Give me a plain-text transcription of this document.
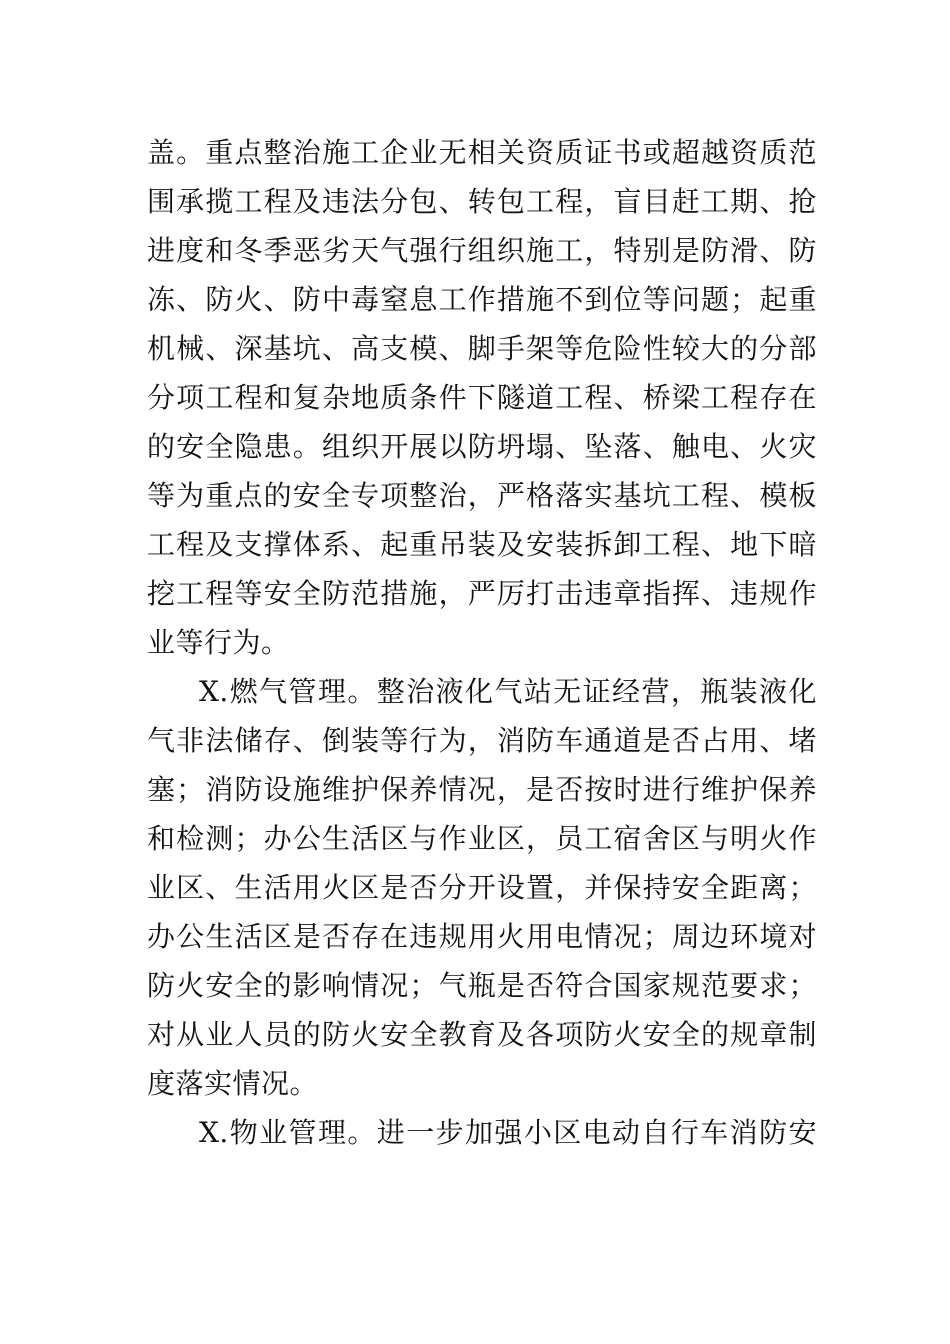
盖。重点整治施工企业无相关资质证书或超越资质范
围承揽工程及违法分包、转包工程，盲目赶工期、抢
进度和冬季恶劣天气强行组织施工，特别是防滑、防
冻、防火、防中毒窒息工作措施不到位等问题；起重
机械、深基坑、高支模、脚手架等危险性较大的分部
分项工程和复杂地质条件下隧道工程、桥梁工程存在
的安全隐患。组织开展以防坍塌、坠落、触电、火灾
等为重点的安全专项整治，严格落实基坑工程、模板
工程及支撑体系、起重吊装及安装拆卸工程、地下暗
挖工程等安全防范措施，严厉打击违章指挥、违规作
业等行为。
X.燃气管理。整治液化气站无证经营，瓶装液化
气非法储存、倒装等行为，消防车通道是否占用、堵
塞；消防设施维护保养情况，是否按时进行维护保养
和检测；办公生活区与作业区，员工宿舍区与明火作
业区、生活用火区是否分开设置，并保持安全距离；
办公生活区是否存在违规用火用电情况；周边环境对
防火安全的影响情况；气瓶是否符合国家规范要求；
对从业人员的防火安全教育及各项防火安全的规章制
度落实情况。
X.物业管理。进一步加强小区电动自行车消防安
